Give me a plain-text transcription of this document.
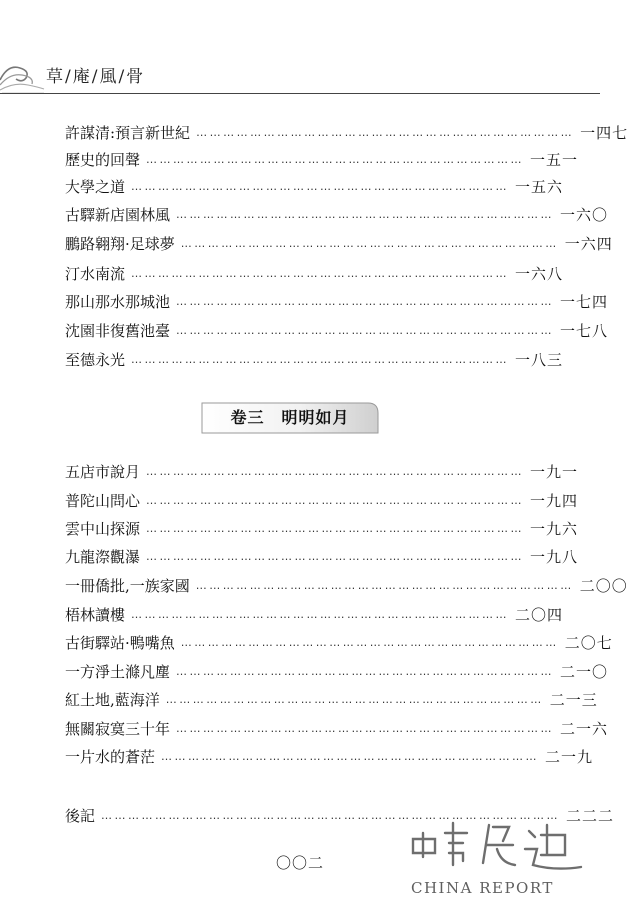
草/庵/風/骨
許謀清:預言新世紀 ………………………………………………………………………… 一四七
歷史的回聲 ………………………………………………………………………… 一五一
大學之道 ………………………………………………………………………… 一五六
古驛新店園林風 ………………………………………………………………………… 一六〇
鵬路翱翔·足球夢 ………………………………………………………………………… 一六四
汀水南流 ………………………………………………………………………… 一六八
那山那水那城池 ………………………………………………………………………… 一七四
沈園非復舊池臺 ………………………………………………………………………… 一七八
至德永光 ………………………………………………………………………… 一八三
卷三　明明如月
五店市說月 ………………………………………………………………………… 一九一
普陀山問心 ………………………………………………………………………… 一九四
雲中山探源 ………………………………………………………………………… 一九六
九龍漈觀瀑 ………………………………………………………………………… 一九八
一冊僑批,一族家國 ………………………………………………………………………… 二〇〇
梧林讀樓 ………………………………………………………………………… 二〇四
古街驛站·鴨嘴魚 ………………………………………………………………………… 二〇七
一方淨土滌凡塵 ………………………………………………………………………… 二一〇
紅土地,藍海洋 ………………………………………………………………………… 二一三
無關寂寞三十年 ………………………………………………………………………… 二一六
一片水的蒼茫 ………………………………………………………………………… 二一九
後記 ………………………………………………………………………………………… 二二二
〇〇二
CHINA REPORT
